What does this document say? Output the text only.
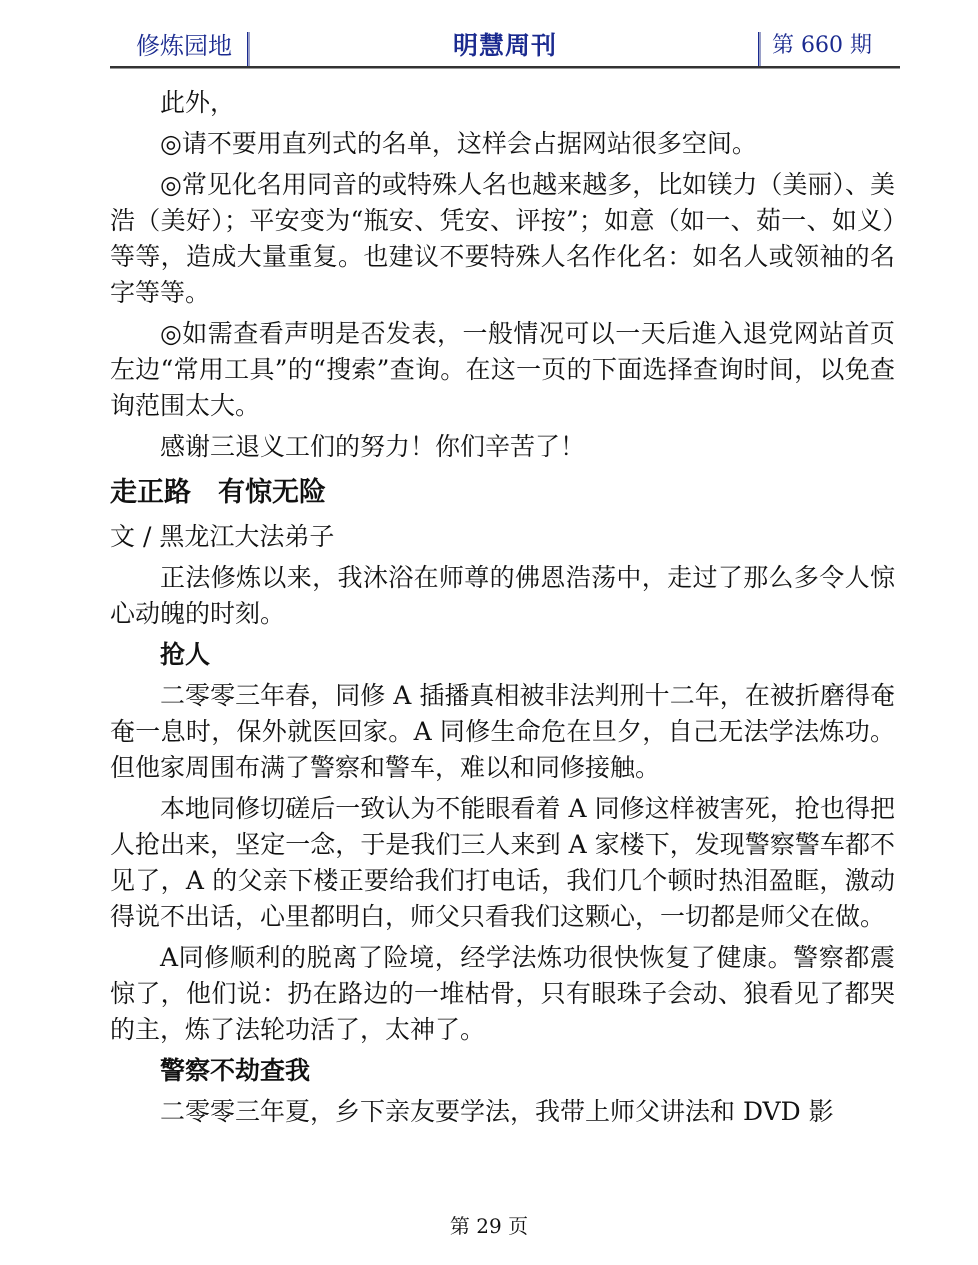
修炼园地	明慧周刊	第 660 期

此外，

◎请不要用直列式的名单，这样会占据网站很多空间。

◎常见化名用同音的或特殊人名也越来越多，比如镁力（美丽）、美浩（美好）；平安变为“瓶安、凭安、评按”；如意（如一、茹一、如义）等等，造成大量重复。也建议不要特殊人名作化名：如名人或领袖的名字等等。

◎如需查看声明是否发表，一般情况可以一天后進入退党网站首页左边“常用工具”的“搜索”查询。在这一页的下面选择查询时间，以免查询范围太大。

感谢三退义工们的努力！你们辛苦了！

走正路　有惊无险

文 / 黑龙江大法弟子

正法修炼以来，我沐浴在师尊的佛恩浩荡中，走过了那么多令人惊心动魄的时刻。

抢人

二零零三年春，同修 A 插播真相被非法判刑十二年，在被折磨得奄奄一息时，保外就医回家。A 同修生命危在旦夕，自己无法学法炼功。但他家周围布满了警察和警车，难以和同修接触。

本地同修切磋后一致认为不能眼看着 A 同修这样被害死，抢也得把人抢出来，坚定一念，于是我们三人来到 A 家楼下，发现警察警车都不见了，A 的父亲下楼正要给我们打电话，我们几个顿时热泪盈眶，激动得说不出话，心里都明白，师父只看我们这颗心，一切都是师父在做。

A同修顺利的脱离了险境，经学法炼功很快恢复了健康。警察都震惊了，他们说：扔在路边的一堆枯骨，只有眼珠子会动、狼看见了都哭的主，炼了法轮功活了，太神了。

警察不劫查我

二零零三年夏，乡下亲友要学法，我带上师父讲法和 DVD 影

第 29 页
